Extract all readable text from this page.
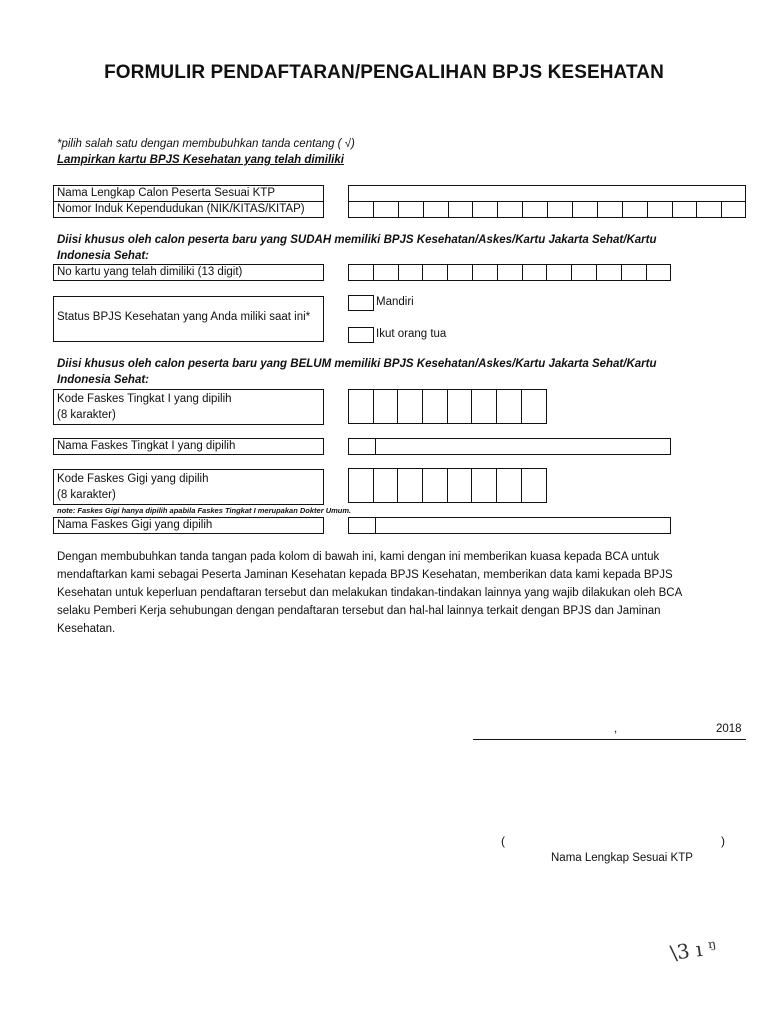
FORMULIR PENDAFTARAN/PENGALIHAN BPJS KESEHATAN
*pilih salah satu dengan membubuhkan tanda centang ( √)
Lampirkan kartu BPJS Kesehatan yang telah dimiliki
Nama Lengkap Calon Peserta Sesuai KTP
Nomor Induk Kependudukan (NIK/KITAS/KITAP)
Diisi khusus oleh calon peserta baru yang SUDAH memiliki BPJS Kesehatan/Askes/Kartu Jakarta Sehat/Kartu Indonesia Sehat:
No kartu yang telah dimiliki (13 digit)
Status BPJS Kesehatan yang Anda miliki saat ini*
Mandiri
Ikut orang tua
Diisi khusus oleh calon peserta baru yang BELUM memiliki BPJS Kesehatan/Askes/Kartu Jakarta Sehat/Kartu Indonesia Sehat:
Kode Faskes Tingkat I yang dipilih
(8 karakter)
Nama Faskes Tingkat I yang dipilih
Kode Faskes Gigi yang dipilih
(8 karakter)
note: Faskes Gigi hanya dipilih apabila Faskes Tingkat I merupakan Dokter Umum.
Nama Faskes Gigi yang dipilih
Dengan membubuhkan tanda tangan pada kolom di bawah ini, kami dengan ini memberikan kuasa kepada BCA untuk mendaftarkan kami sebagai Peserta Jaminan Kesehatan kepada BPJS Kesehatan, memberikan data kami kepada BPJS Kesehatan untuk keperluan pendaftaran tersebut dan melakukan tindakan-tindakan lainnya yang wajib dilakukan oleh BCA selaku Pemberi Kerja sehubungan dengan pendaftaran tersebut dan hal-hal lainnya terkait dengan BPJS dan Jaminan Kesehatan.
,	2018
(	)
Nama Lengkap Sesuai KTP
\3 ı ᵑ
